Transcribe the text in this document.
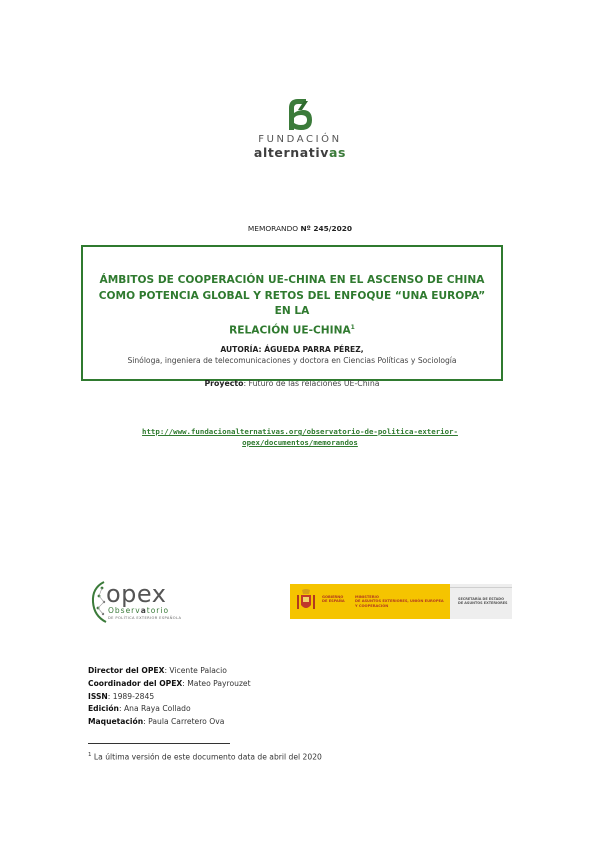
FUNDACIÓN
alternativas
MEMORANDO Nº 245/2020
ÁMBITOS DE COOPERACIÓN UE-CHINA EN EL ASCENSO DE CHINA
COMO POTENCIA GLOBAL Y RETOS DEL ENFOQUE “UNA EUROPA” EN LA
RELACIÓN UE-CHINA$^1$
AUTORÍA: ÁGUEDA PARRA PÉREZ,
Sinóloga, ingeniera de telecomunicaciones y doctora en Ciencias Políticas y Sociología
Proyecto: Futuro de las relaciones UE-China
http://www.fundacionalternativas.org/observatorio-de-politica-exterior-
opex/documentos/memorandos
opex
Observatorio
DE POLÍTICA EXTERIOR ESPAÑOLA
GOBIERNO
DE ESPAÑA
MINISTERIO
DE ASUNTOS EXTERIORES, UNIÓN EUROPEA
Y COOPERACIÓN
SECRETARÍA DE ESTADO
DE ASUNTOS EXTERIORES
Director del OPEX: Vicente Palacio
Coordinador del OPEX: Mateo Payrouzet
ISSN: 1989-2845
Edición: Ana Raya Collado
Maquetación: Paula Carretero Ova
$^1$ La última versión de este documento data de abril del 2020
